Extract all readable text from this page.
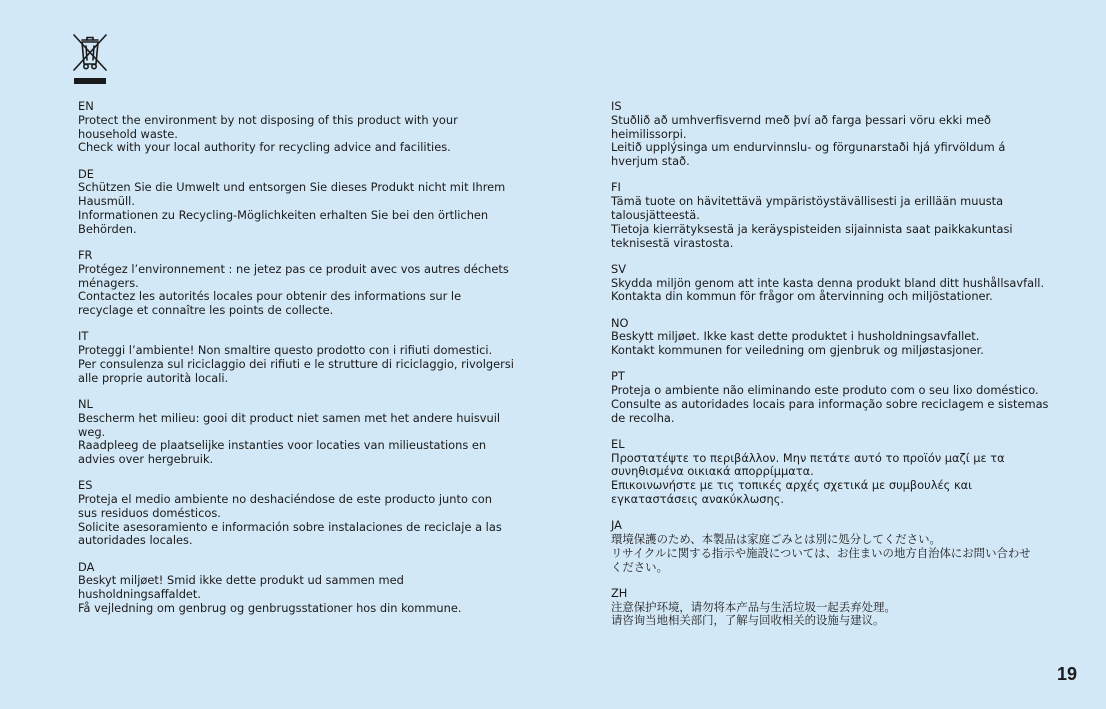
EN
Protect the environment by not disposing of this product with your
household waste.
Check with your local authority for recycling advice and facilities.
DE
Schützen Sie die Umwelt und entsorgen Sie dieses Produkt nicht mit Ihrem
Hausmüll.
Informationen zu Recycling-Möglichkeiten erhalten Sie bei den örtlichen
Behörden.
FR
Protégez l’environnement : ne jetez pas ce produit avec vos autres déchets
ménagers.
Contactez les autorités locales pour obtenir des informations sur le
recyclage et connaître les points de collecte.
IT
Proteggi l’ambiente! Non smaltire questo prodotto con i rifiuti domestici.
Per consulenza sul riciclaggio dei rifiuti e le strutture di riciclaggio, rivolgersi
alle proprie autorità locali.
NL
Bescherm het milieu: gooi dit product niet samen met het andere huisvuil
weg.
Raadpleeg de plaatselijke instanties voor locaties van milieustations en
advies over hergebruik.
ES
Proteja el medio ambiente no deshaciéndose de este producto junto con
sus residuos domésticos.
Solicite asesoramiento e información sobre instalaciones de reciclaje a las
autoridades locales.
DA
Beskyt miljøet! Smid ikke dette produkt ud sammen med
husholdningsaffaldet.
Få vejledning om genbrug og genbrugsstationer hos din kommune.
IS
Stuðlið að umhverfisvernd með því að farga þessari vöru ekki með
heimilissorpi.
Leitið upplýsinga um endurvinnslu- og förgunarstaði hjá yfirvöldum á
hverjum stað.
FI
Tämä tuote on hävitettävä ympäristöystävällisesti ja erillään muusta
talousjätteestä.
Tietoja kierrätyksestä ja keräyspisteiden sijainnista saat paikkakuntasi
teknisestä virastosta.
SV
Skydda miljön genom att inte kasta denna produkt bland ditt hushållsavfall.
Kontakta din kommun för frågor om återvinning och miljöstationer.
NO
Beskytt miljøet. Ikke kast dette produktet i husholdningsavfallet.
Kontakt kommunen for veiledning om gjenbruk og miljøstasjoner.
PT
Proteja o ambiente não eliminando este produto com o seu lixo doméstico.
Consulte as autoridades locais para informação sobre reciclagem e sistemas
de recolha.
EL
Προστατέψτε το περιβάλλον. Μην πετάτε αυτό το προϊόν μαζί με τα
συνηθισμένα οικιακά απορρίμματα.
Επικοινωνήστε με τις τοπικές αρχές σχετικά με συμβουλές και
εγκαταστάσεις ανακύκλωσης.
JA
環境保護のため、本製品は家庭ごみとは別に処分してください。
リサイクルに関する指示や施設については、お住まいの地方自治体にお問い合わせ
ください。
ZH
注意保护环境，请勿将本产品与生活垃圾一起丢弃处理。
请咨询当地相关部门，了解与回收相关的设施与建议。
19
